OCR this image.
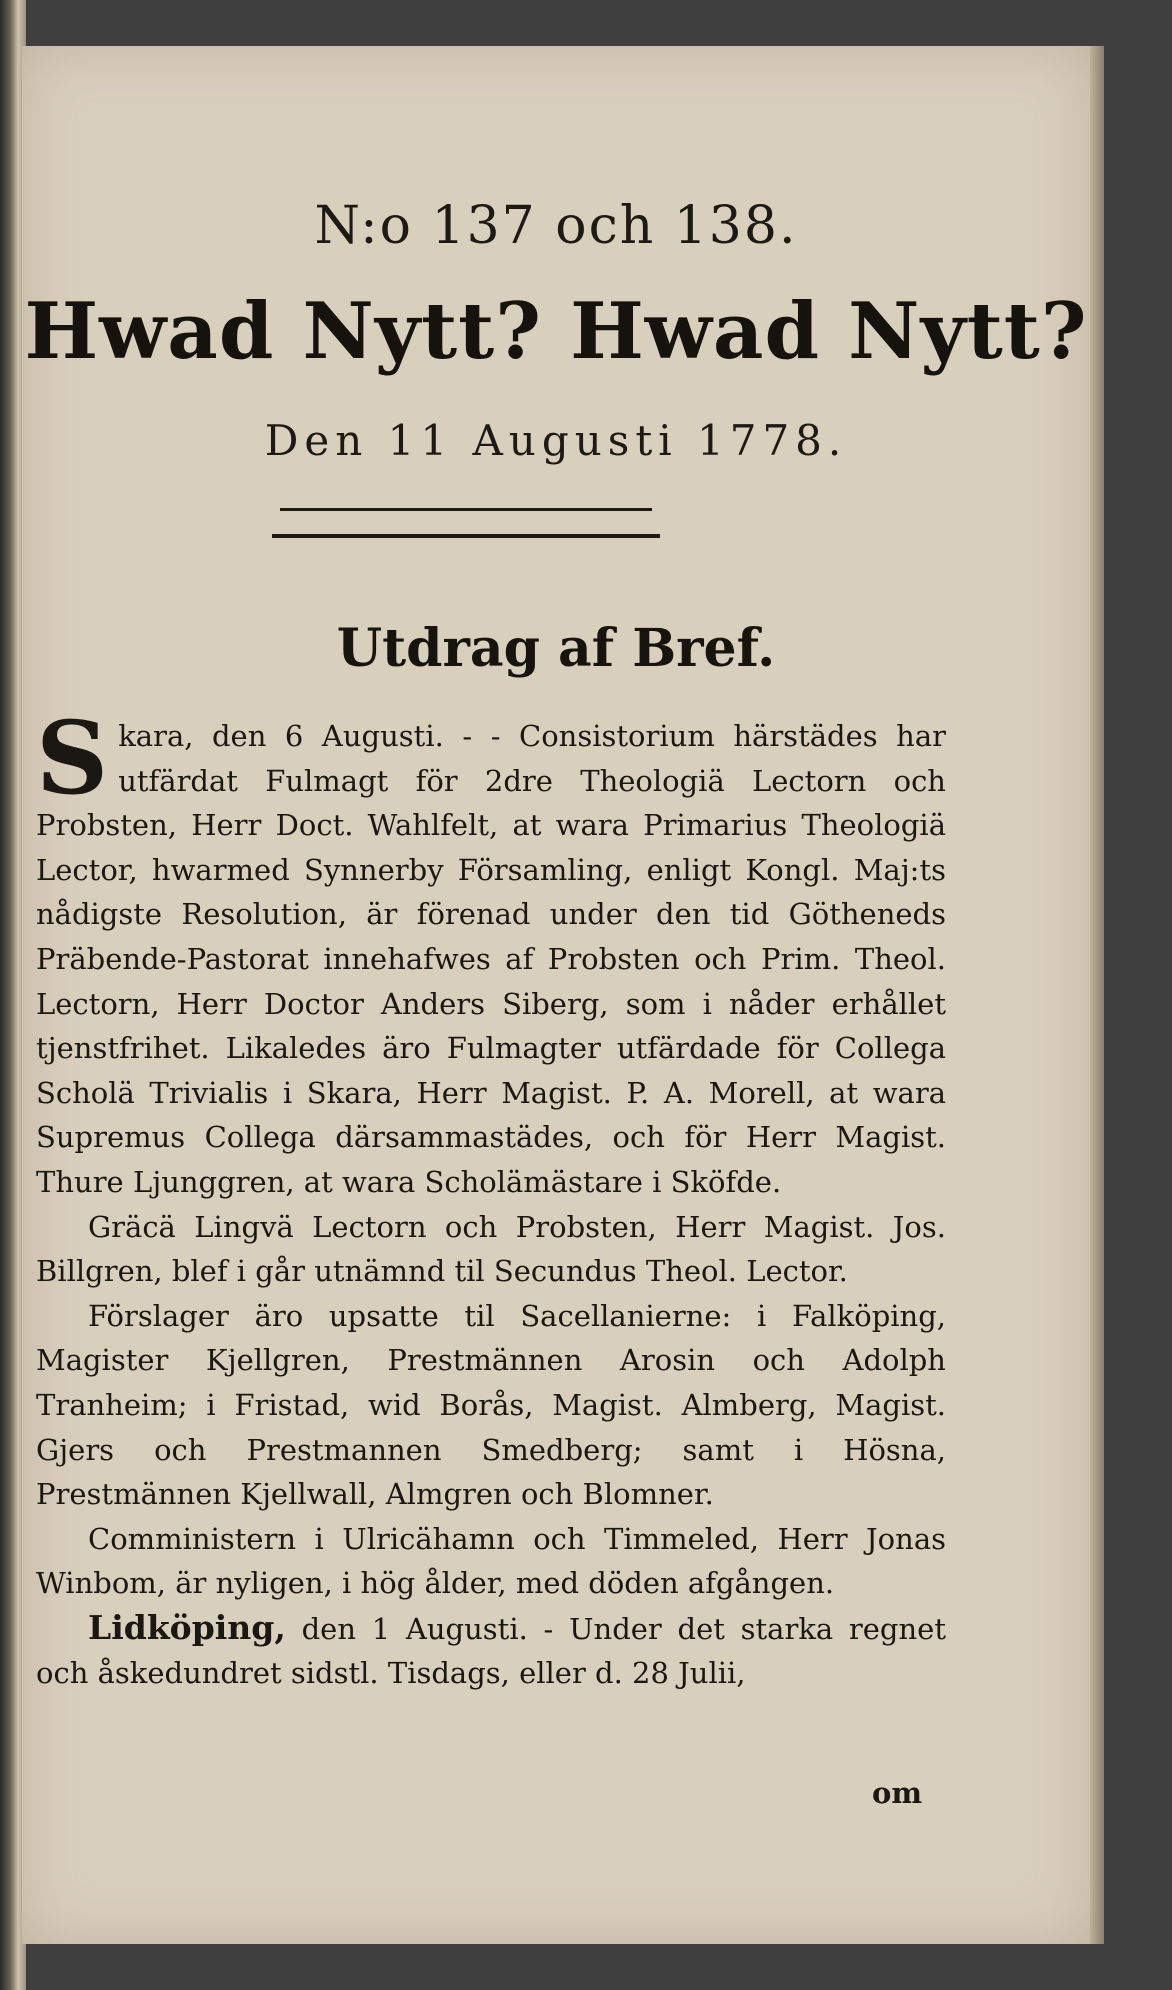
N:o 137 och 138.
Hwad Nytt? Hwad Nytt?
Den 11 Augusti 1778.
Utdrag af Bref.

Skara, den 6 Augusti. - - Consistorium härstädes har utfärdat Fulmagt för 2dre Theologiä Lectorn och Probsten, Herr Doct. Wahlfelt, at wara Primarius Theologiä Lector, hwarmed Synnerby Församling, enligt Kongl. Maj:ts nådigste Resolution, är förenad under den tid Götheneds Präbende-Pastorat innehafwes af Probsten och Prim. Theol. Lectorn, Herr Doctor Anders Siberg, som i nåder erhållet tjenstfrihet. Likaledes äro Fulmagter utfärdade för Collega Scholä Trivialis i Skara, Herr Magist. P. A. Morell, at wara Supremus Collega därsammastädes, och för Herr Magist. Thure Ljunggren, at wara Scholämästare i Sköfde.

Gräcä Lingvä Lectorn och Probsten, Herr Magist. Jos. Billgren, blef i går utnämnd til Secundus Theol. Lector.

Förslager äro upsatte til Sacellanierne: i Falköping, Magister Kjellgren, Prestmännen Arosin och Adolph Tranheim; i Fristad, wid Borås, Magist. Almberg, Magist. Gjers och Prestmannen Smedberg; samt i Hösna, Prestmännen Kjellwall, Almgren och Blomner.

Comministern i Ulricähamn och Timmeled, Herr Jonas Winbom, är nyligen, i hög ålder, med döden afgången.

Lidköping, den 1 Augusti. - Under det starka regnet och åskedundret sidstl. Tisdags, eller d. 28 Julii,

om
